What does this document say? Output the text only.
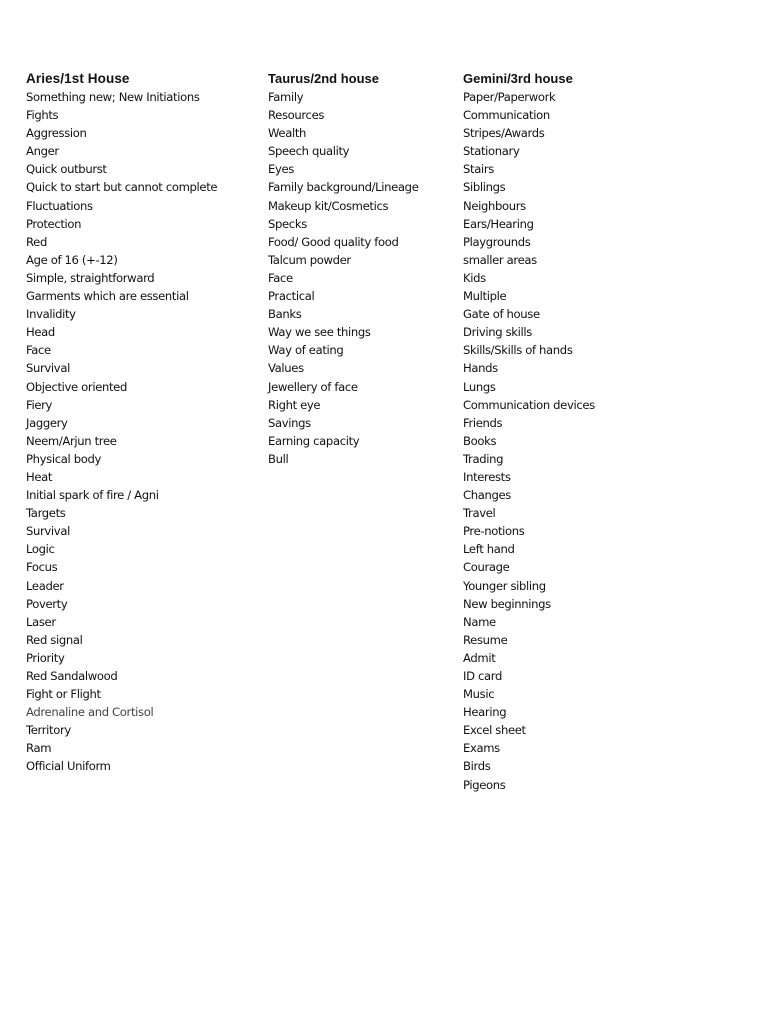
Aries/1st House
Something new; New Initiations
Fights
Aggression
Anger
Quick outburst
Quick to start but cannot complete
Fluctuations
Protection
Red
Age of 16 (+-12)
Simple, straightforward
Garments which are essential
Invalidity
Head
Face
Survival
Objective oriented
Fiery
Jaggery
Neem/Arjun tree
Physical body
Heat
Initial spark of fire / Agni
Targets
Survival
Logic
Focus
Leader
Poverty
Laser
Red signal
Priority
Red Sandalwood
Fight or Flight
Adrenaline and Cortisol
Territory
Ram
Official Uniform
Taurus/2nd house
Family
Resources
Wealth
Speech quality
Eyes
Family background/Lineage
Makeup kit/Cosmetics
Specks
Food/ Good quality food
Talcum powder
Face
Practical
Banks
Way we see things
Way of eating
Values
Jewellery of face
Right eye
Savings
Earning capacity
Bull
Gemini/3rd house
Paper/Paperwork
Communication
Stripes/Awards
Stationary
Stairs
Siblings
Neighbours
Ears/Hearing
Playgrounds
smaller areas
Kids
Multiple
Gate of house
Driving skills
Skills/Skills of hands
Hands
Lungs
Communication devices
Friends
Books
Trading
Interests
Changes
Travel
Pre-notions
Left hand
Courage
Younger sibling
New beginnings
Name
Resume
Admit
ID card
Music
Hearing
Excel sheet
Exams
Birds
Pigeons
